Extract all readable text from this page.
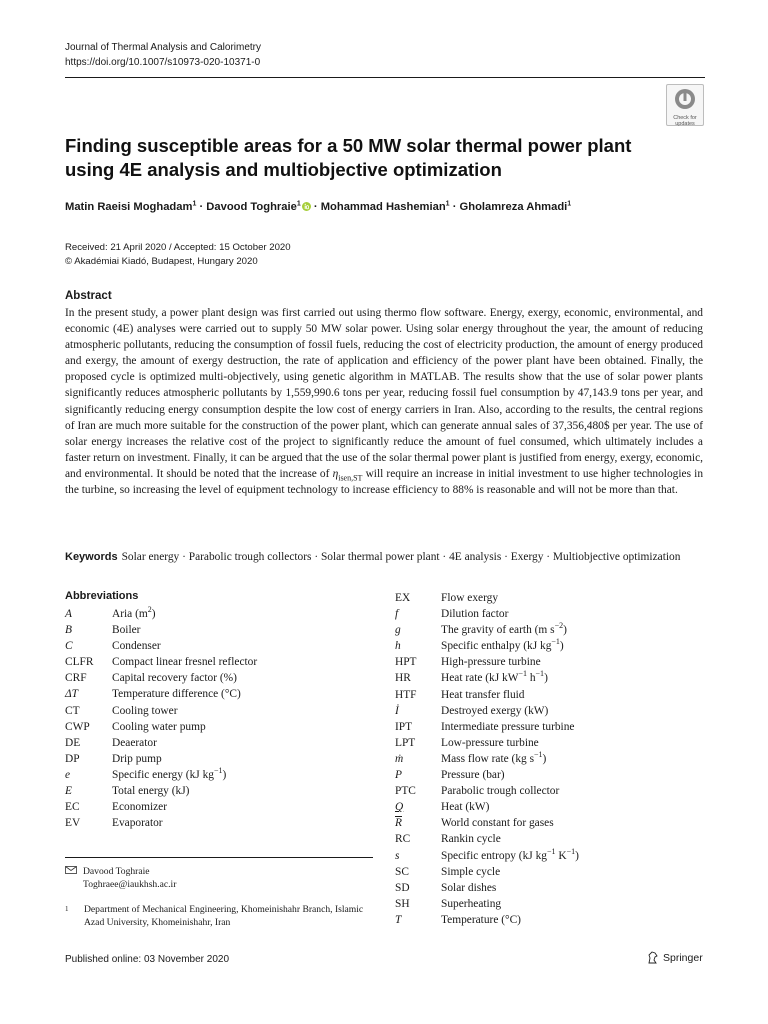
Journal of Thermal Analysis and Calorimetry
https://doi.org/10.1007/s10973-020-10371-0
Check for
updates
Finding susceptible areas for a 50 MW solar thermal power plant using 4E analysis and multiobjective optimization
Matin Raeisi Moghadam$^1$ · Davood Toghraie$^1$ · Mohammad Hashemian$^1$ · Gholamreza Ahmadi$^1$
Received: 21 April 2020 / Accepted: 15 October 2020
© Akadémiai Kiadó, Budapest, Hungary 2020
Abstract
In the present study, a power plant design was first carried out using thermo flow software. Energy, exergy, economic, environmental, and economic (4E) analyses were carried out to supply 50 MW solar power. Using solar energy throughout the year, the amount of reducing atmospheric pollutants, reducing the consumption of fossil fuels, reducing the cost of electricity production, the amount of energy produced and exergy, the amount of exergy destruction, the rate of application and efficiency of the power plant have been obtained. Finally, the proposed cycle is optimized multi-objectively, using genetic algorithm in MATLAB. The results show that the use of solar power plants significantly reduces atmospheric pollutants by 1,559,990.6 tons per year, reducing fossil fuel consumption by 47,143.9 tons per year, and significantly reducing energy consumption despite the low cost of energy carriers in Iran. Also, according to the results, the central regions of Iran are much more suitable for the construction of the power plant, which can generate annual sales of 37,356,480$ per year. The use of solar energy increases the relative cost of the project to significantly reduce the amount of fuel consumed, which ultimately includes a faster return on investment. Finally, it can be argued that the use of the solar thermal power plant is justified from energy, exergy, economic, and environmental. It should be noted that the increase of $\eta_{isen,ST}$ will require an increase in initial investment to use higher technologies in the turbine, so increasing the level of equipment technology to increase efficiency to 88% is reasonable and will not be more than that.
Keywords Solar energy · Parabolic trough collectors · Solar thermal power plant · 4E analysis · Exergy · Multiobjective optimization
Abbreviations
A	Aria $(m^2)$
B	Boiler
C	Condenser
CLFR	Compact linear fresnel reflector
CRF	Capital recovery factor (%)
ΔT	Temperature difference (°C)
CT	Cooling tower
CWP	Cooling water pump
DE	Deaerator
DP	Drip pump
e	Specific energy (kJ $kg^{-1}$)
E	Total energy (kJ)
EC	Economizer
EV	Evaporator
EX	Flow exergy
f	Dilution factor
g	The gravity of earth (m $s^{-2}$)
h	Specific enthalpy (kJ $kg^{-1}$)
HPT	High-pressure turbine
HR	Heat rate (kJ $kW^{-1}$ $h^{-1}$)
HTF	Heat transfer fluid
İ	Destroyed exergy (kW)
IPT	Intermediate pressure turbine
LPT	Low-pressure turbine
ṁ	Mass flow rate (kg $s^{-1}$)
P	Pressure (bar)
PTC	Parabolic trough collector
Q	Heat (kW)
$\overline{R}$	World constant for gases
RC	Rankin cycle
s	Specific entropy (kJ $kg^{-1}$ $K^{-1}$)
SC	Simple cycle
SD	Solar dishes
SH	Superheating
T	Temperature (°C)
Davood Toghraie
Toghraee@iaukhsh.ac.ir
1 Department of Mechanical Engineering, Khomeinishahr Branch, Islamic Azad University, Khomeinishahr, Iran
Published online: 03 November 2020	Springer
